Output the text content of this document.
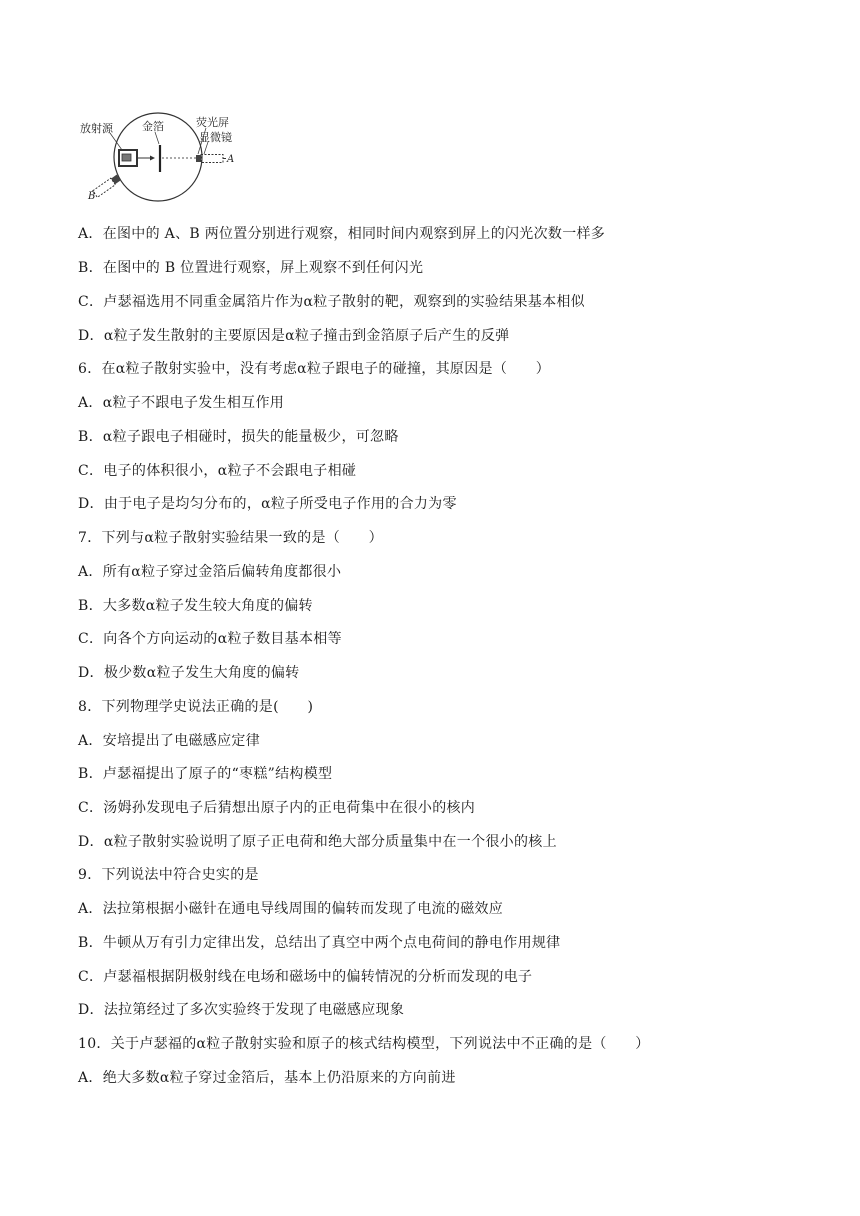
放射源	金箔	荧光屏
显微镜
A
B
A．在图中的 A、B 两位置分别进行观察，相同时间内观察到屏上的闪光次数一样多
B．在图中的 B 位置进行观察，屏上观察不到任何闪光
C．卢瑟福选用不同重金属箔片作为α粒子散射的靶，观察到的实验结果基本相似
D．α粒子发生散射的主要原因是α粒子撞击到金箔原子后产生的反弹
6．在α粒子散射实验中，没有考虑α粒子跟电子的碰撞，其原因是（　　）
A．α粒子不跟电子发生相互作用
B．α粒子跟电子相碰时，损失的能量极少，可忽略
C．电子的体积很小，α粒子不会跟电子相碰
D．由于电子是均匀分布的，α粒子所受电子作用的合力为零
7．下列与α粒子散射实验结果一致的是（　　）
A．所有α粒子穿过金箔后偏转角度都很小
B．大多数α粒子发生较大角度的偏转
C．向各个方向运动的α粒子数目基本相等
D．极少数α粒子发生大角度的偏转
8．下列物理学史说法正确的是(　　)
A．安培提出了电磁感应定律
B．卢瑟福提出了原子的“枣糕”结构模型
C．汤姆孙发现电子后猜想出原子内的正电荷集中在很小的核内
D．α粒子散射实验说明了原子正电荷和绝大部分质量集中在一个很小的核上
9．下列说法中符合史实的是
A．法拉第根据小磁针在通电导线周围的偏转而发现了电流的磁效应
B．牛顿从万有引力定律出发，总结出了真空中两个点电荷间的静电作用规律
C．卢瑟福根据阴极射线在电场和磁场中的偏转情况的分析而发现的电子
D．法拉第经过了多次实验终于发现了电磁感应现象
10．关于卢瑟福的α粒子散射实验和原子的核式结构模型，下列说法中不正确的是（　　）
A．绝大多数α粒子穿过金箔后，基本上仍沿原来的方向前进
